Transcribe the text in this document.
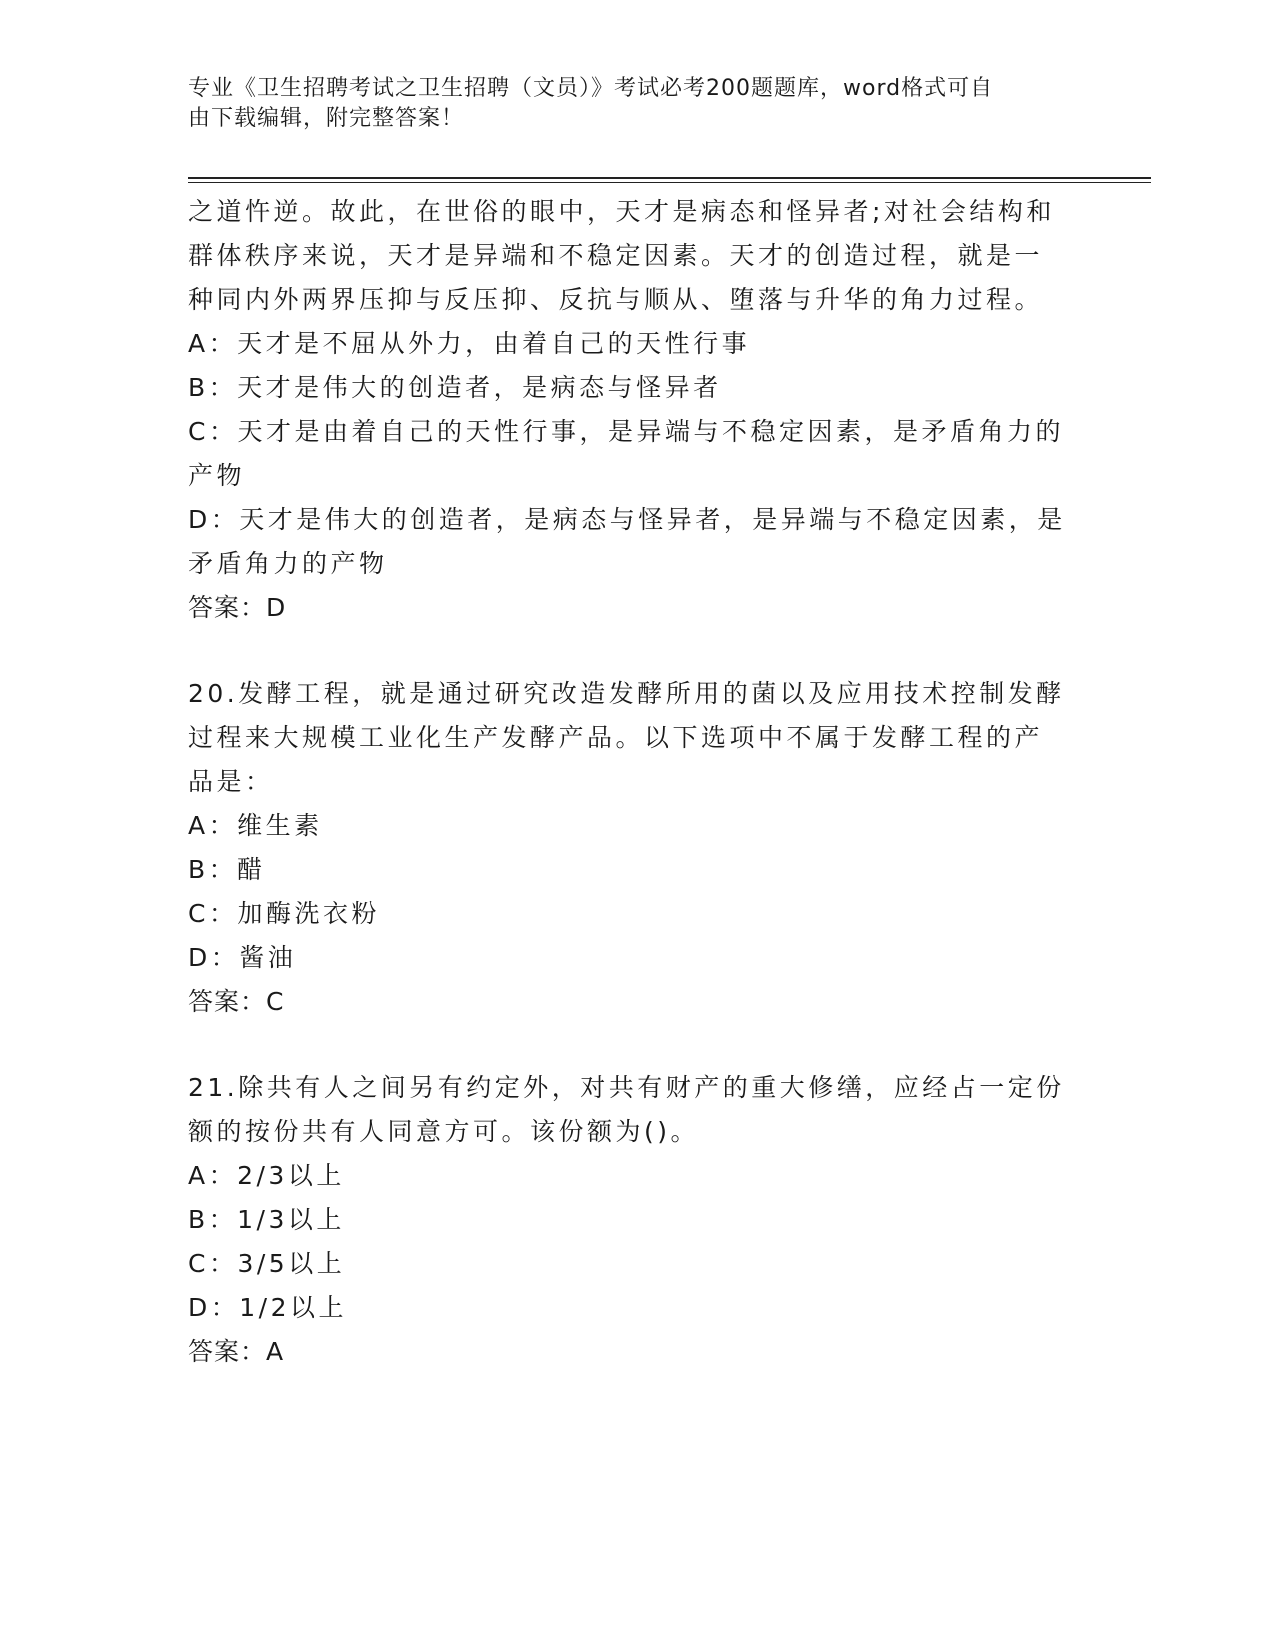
专业《卫生招聘考试之卫生招聘（文员）》考试必考200题题库，word格式可自
由下载编辑，附完整答案！

之道忤逆。故此，在世俗的眼中，天才是病态和怪异者;对社会结构和

群体秩序来说，天才是异端和不稳定因素。天才的创造过程，就是一

种同内外两界压抑与反压抑、反抗与顺从、堕落与升华的角力过程。

A：天才是不屈从外力，由着自己的天性行事

B：天才是伟大的创造者，是病态与怪异者

C：天才是由着自己的天性行事，是异端与不稳定因素，是矛盾角力的

产物

D：天才是伟大的创造者，是病态与怪异者，是异端与不稳定因素，是

矛盾角力的产物

答案：D

20.发酵工程，就是通过研究改造发酵所用的菌以及应用技术控制发酵

过程来大规模工业化生产发酵产品。以下选项中不属于发酵工程的产

品是：

A：维生素

B：醋

C：加酶洗衣粉

D：酱油

答案：C

21.除共有人之间另有约定外，对共有财产的重大修缮，应经占一定份

额的按份共有人同意方可。该份额为()。

A：2/3以上

B：1/3以上

C：3/5以上

D：1/2以上

答案：A
